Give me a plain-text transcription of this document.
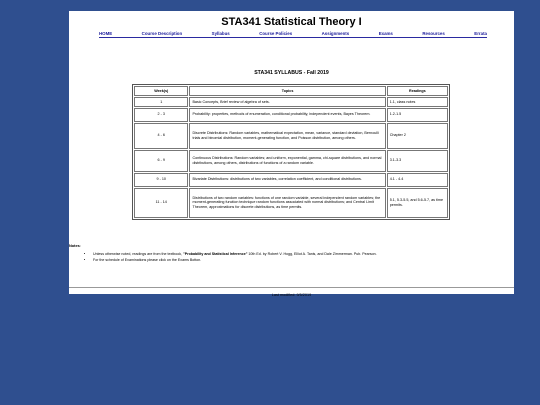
STA341 Statistical Theory I
HOME	Course Description	Syllabus	Course Policies	Assignments	Exams	Resources	Errata
STA341 SYLLABUS - Fall 2019
Week(s)	Topics	Readings
1	Basic Concepts, Brief review of algebra of sets.	1.1, class notes
2 - 3	Probability: properties, methods of enumeration, conditional probability, independent events, Bayes Theorem.	1.2-1.5
4 - 6	Discrete Distributions: Random variables, mathematical expectation, mean, variance, standard deviation, Bernoulli trials and binomial distribution, moment-generating function, and Poisson distribution, among others.	Chapter 2
6 - 9	Continuous Distributions: Random variables; and uniform, exponential, gamma, chi-square distributions, and normal distributions, among others, distributions of functions of a random variable.	3.1-3.3
9 - 10	Bivariate Distributions: distributions of two variables, correlation coefficient, and conditional distributions.	4.1 - 4.4
11 - 14	Distributions of two random variables: functions of one random variable, several independent random variables; the moment-generating function technique random functions associated with normal distributions; and Central Limit Theorem, approximations for discrete distributions, as time permits.	5.1, 5.3-5.5, and 5.6-5.7, as time permits.
Notes:
• Unless otherwise noted, readings are from the textbook, "Probability and Statistical Inference" 10th Ed. by Robert V. Hogg, Elliot A. Tanis, and Dale Zimmerman. Pub. Pearson.
• For the schedule of Examinations please click on the Exams Botton.
Last modified: 9/5/2019
